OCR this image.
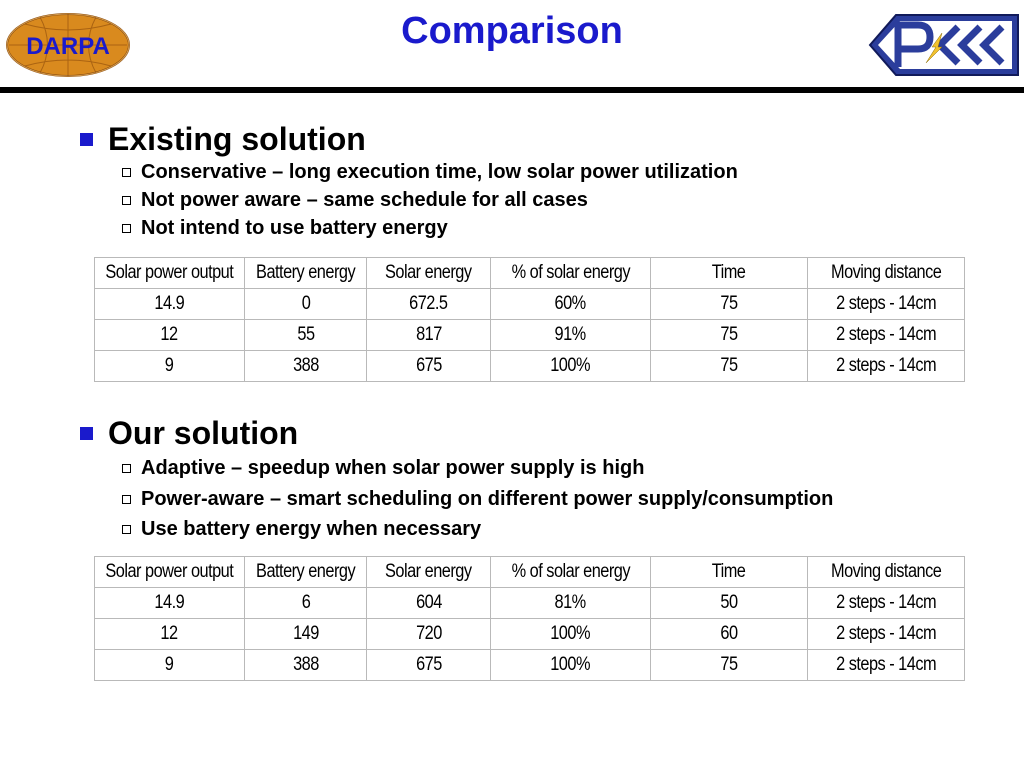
DARPA	Comparison
Existing solution
Conservative – long execution time, low solar power utilization
Not power aware – same schedule for all cases
Not intend to use battery energy
Solar power output	Battery energy	Solar energy	% of solar energy	Time	Moving distance
14.9	0	672.5	60%	75	2 steps - 14cm
12	55	817	91%	75	2 steps - 14cm
9	388	675	100%	75	2 steps - 14cm
Our solution
Adaptive – speedup when solar power supply is high
Power-aware – smart scheduling on different power supply/consumption
Use battery energy when necessary
Solar power output	Battery energy	Solar energy	% of solar energy	Time	Moving distance
14.9	6	604	81%	50	2 steps - 14cm
12	149	720	100%	60	2 steps - 14cm
9	388	675	100%	75	2 steps - 14cm
